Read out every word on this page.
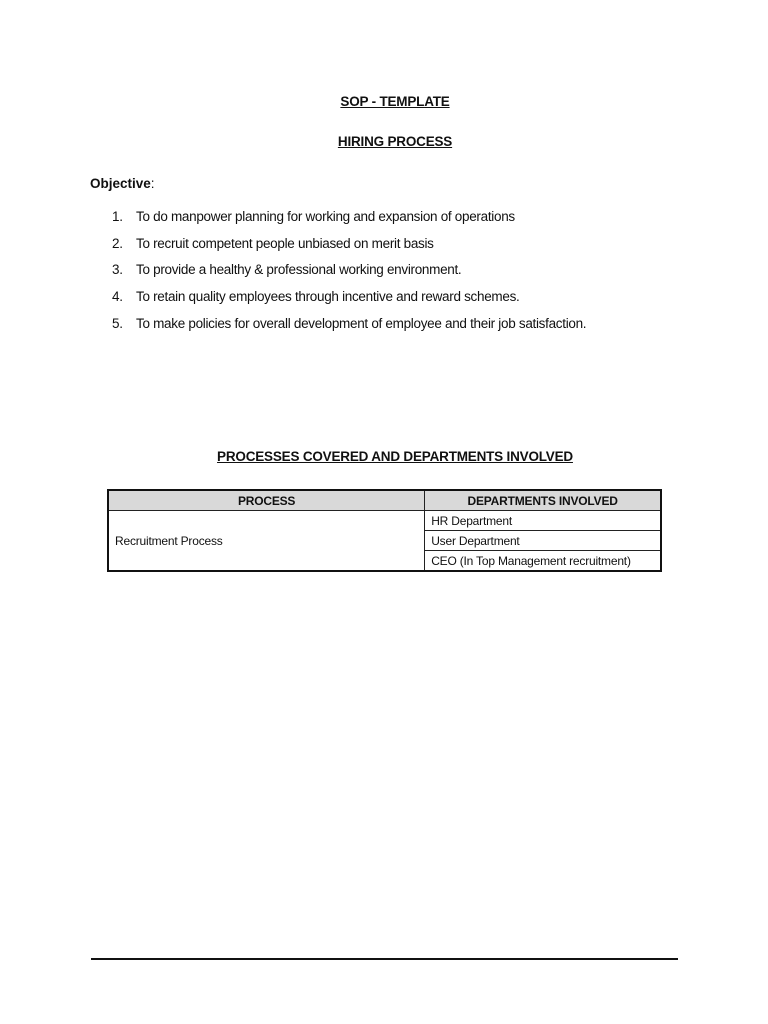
SOP - TEMPLATE
HIRING PROCESS
Objective:
1. To do manpower planning for working and expansion of operations
2. To recruit competent people unbiased on merit basis
3. To provide a healthy & professional working environment.
4. To retain quality employees through incentive and reward schemes.
5. To make policies for overall development of employee and their job satisfaction.
PROCESSES COVERED AND DEPARTMENTS INVOLVED
PROCESS	DEPARTMENTS INVOLVED
Recruitment Process	HR Department
	User Department
	CEO (In Top Management recruitment)
